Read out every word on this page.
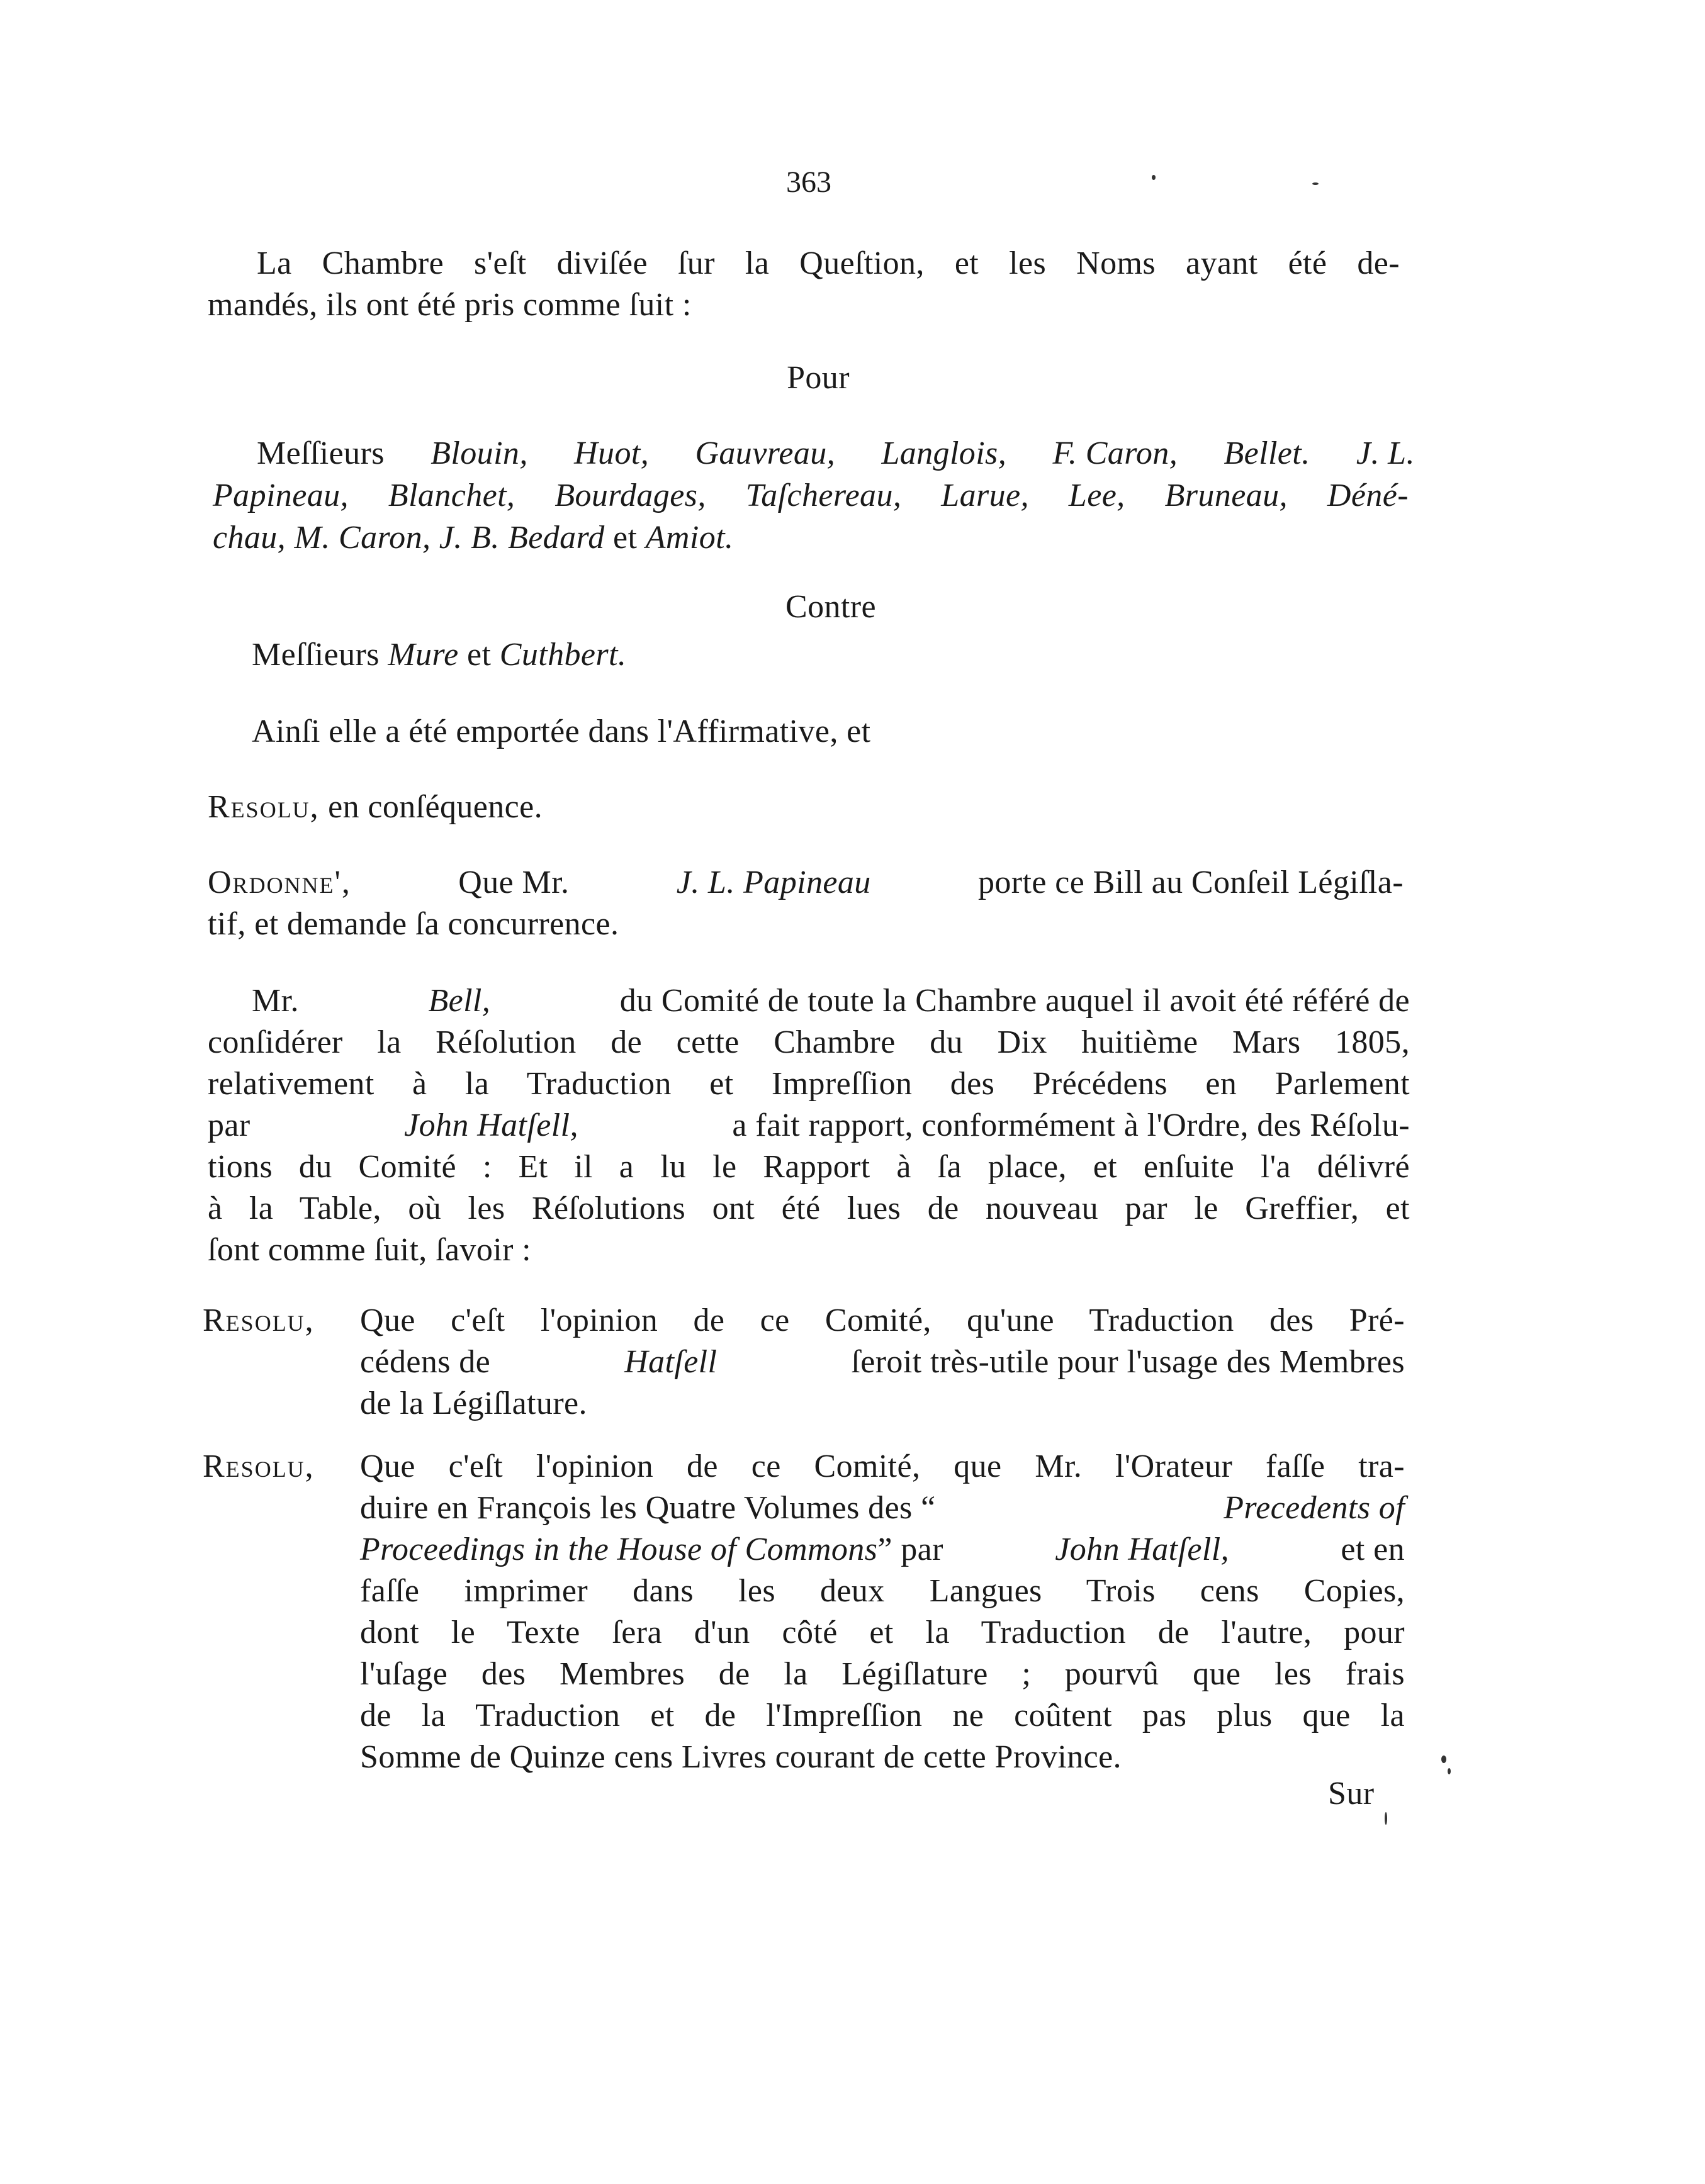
363
La Chambre s'eſt diviſée ſur la Queſtion, et les Noms ayant été de-
mandés, ils ont été pris comme ſuit :
Pour
Meſſieurs Blouin, Huot, Gauvreau, Langlois, F. Caron, Bellet. J. L.
Papineau, Blanchet, Bourdages, Taſchereau, Larue, Lee, Bruneau, Déné-
chau, M. Caron, J. B. Bedard et Amiot.
Contre
Meſſieurs Mure et Cuthbert.
Ainſi elle a été emportée dans l'Affirmative, et
Resolu, en conſéquence.
Ordonne',	Que Mr.	J. L. Papineau	porte ce Bill au Conſeil Légiſla-
tif, et demande ſa concurrence.
Mr.	Bell,	du Comité de toute la Chambre auquel il avoit été référé de
conſidérer la Réſolution de cette Chambre du Dix huitième Mars 1805,
relativement à la Traduction et Impreſſion des Précédens en Parlement
par	John Hatſell,	a fait rapport, conformément à l'Ordre, des Réſolu-
tions du Comité : Et il a lu le Rapport à ſa place, et enſuite l'a délivré
à la Table, où les Réſolutions ont été lues de nouveau par le Greffier, et
ſont comme ſuit, ſavoir :
Resolu, Que c'eſt l'opinion de ce Comité, qu'une Traduction des Pré-
cédens de	Hatſell	ſeroit très-utile pour l'usage des Membres
de la Légiſlature.
Resolu, Que c'eſt l'opinion de ce Comité, que Mr. l'Orateur faſſe tra-
duire en François les Quatre Volumes des “	Precedents of
Proceedings in the House of Commons” par	John Hatſell,	et en
faſſe imprimer dans les deux Langues Trois cens Copies,
dont le Texte ſera d'un côté et la Traduction de l'autre, pour
l'uſage des Membres de la Légiſlature ; pourvû que les frais
de la Traduction et de l'Impreſſion ne coûtent pas plus que la
Somme de Quinze cens Livres courant de cette Province.
Sur
